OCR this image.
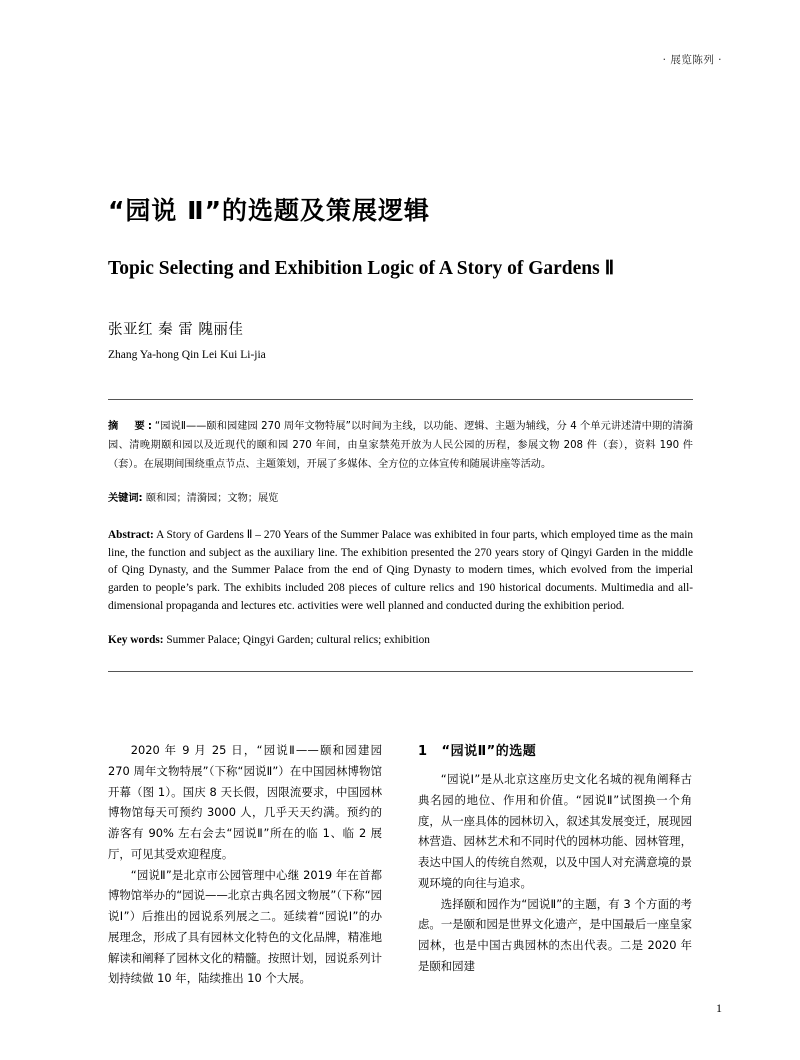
· 展览陈列 ·
“园说 Ⅱ”的选题及策展逻辑
Topic Selecting and Exhibition Logic of A Story of Gardens Ⅱ
张亚红 秦 雷 隗丽佳
Zhang Ya-hong Qin Lei Kui Li-jia

摘　要:“园说Ⅱ——颐和园建园 270 周年文物特展”以时间为主线，以功能、逻辑、主题为辅线，分 4 个单元讲述清中期的清漪园、清晚期颐和园以及近现代的颐和园 270 年间，由皇家禁苑开放为人民公园的历程，参展文物 208 件（套），资料 190 件（套）。在展期间围绕重点节点、主题策划，开展了多媒体、全方位的立体宣传和随展讲座等活动。

关键词: 颐和园；清漪园；文物；展览

Abstract: A Story of Gardens Ⅱ – 270 Years of the Summer Palace was exhibited in four parts, which employed time as the main line, the function and subject as the auxiliary line. The exhibition presented the 270 years story of Qingyi Garden in the middle of Qing Dynasty, and the Summer Palace from the end of Qing Dynasty to modern times, which evolved from the imperial garden to people’s park. The exhibits included 208 pieces of culture relics and 190 historical documents. Multimedia and all-dimensional propaganda and lectures etc. activities were well planned and conducted during the exhibition period.

Key words: Summer Palace; Qingyi Garden; cultural relics; exhibition

2020 年 9 月 25 日，“园说Ⅱ——颐和园建园 270 周年文物特展”（下称“园说Ⅱ”）在中国园林博物馆开幕（图 1）。国庆 8 天长假，因限流要求，中国园林博物馆每天可预约 3000 人，几乎天天约满。预约的游客有 90% 左右会去“园说Ⅱ”所在的临 1、临 2 展厅，可见其受欢迎程度。

“园说Ⅱ”是北京市公园管理中心继 2019 年在首都博物馆举办的“园说——北京古典名园文物展”（下称“园说Ⅰ”）后推出的园说系列展之二。延续着“园说Ⅰ”的办展理念，形成了具有园林文化特色的文化品牌，精准地解读和阐释了园林文化的精髓。按照计划，园说系列计划持续做 10 年，陆续推出 10 个大展。

1 “园说Ⅱ”的选题

“园说Ⅰ”是从北京这座历史文化名城的视角阐释古典名园的地位、作用和价值。“园说Ⅱ”试图换一个角度，从一座具体的园林切入，叙述其发展变迁，展现园林营造、园林艺术和不同时代的园林功能、园林管理，表达中国人的传统自然观，以及中国人对充满意境的景观环境的向往与追求。

选择颐和园作为“园说Ⅱ”的主题，有 3 个方面的考虑。一是颐和园是世界文化遗产，是中国最后一座皇家园林，也是中国古典园林的杰出代表。二是 2020 年是颐和园建

1
